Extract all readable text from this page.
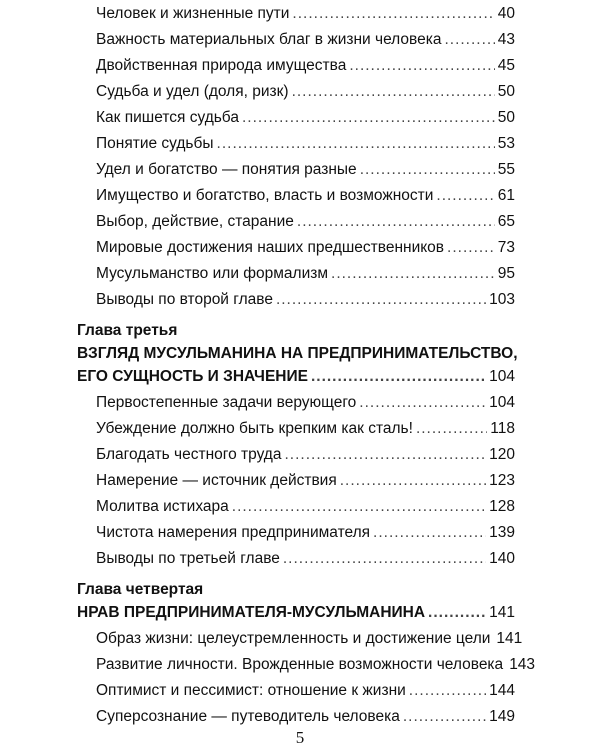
Человек и жизненные пути .....	40
Важность материальных благ в жизни человека .....	43
Двойственная природа имущества .....	45
Судьба и удел (доля, ризк) .....	50
Как пишется судьба .....	50
Понятие судьбы .....	53
Удел и богатство — понятия разные .....	55
Имущество и богатство, власть и возможности .....	61
Выбор, действие, старание .....	65
Мировые достижения наших предшественников .....	73
Мусульманство или формализм .....	95
Выводы по второй главе .....	103
Глава третья
ВЗГЛЯД МУСУЛЬМАНИНА НА ПРЕДПРИНИМАТЕЛЬСТВО,
ЕГО СУЩНОСТЬ И ЗНАЧЕНИЕ .....	104
Первостепенные задачи верующего .....	104
Убеждение должно быть крепким как сталь! .....	118
Благодать честного труда .....	120
Намерение — источник действия .....	123
Молитва истихара .....	128
Чистота намерения предпринимателя .....	139
Выводы по третьей главе .....	140
Глава четвертая
НРАВ ПРЕДПРИНИМАТЕЛЯ-МУСУЛЬМАНИНА .....	141
Образ жизни: целеустремленность и достижение цели 141
Развитие личности. Врожденные возможности человека 143
Оптимист и пессимист: отношение к жизни .....	144
Суперсознание — путеводитель человека .....	149
5
